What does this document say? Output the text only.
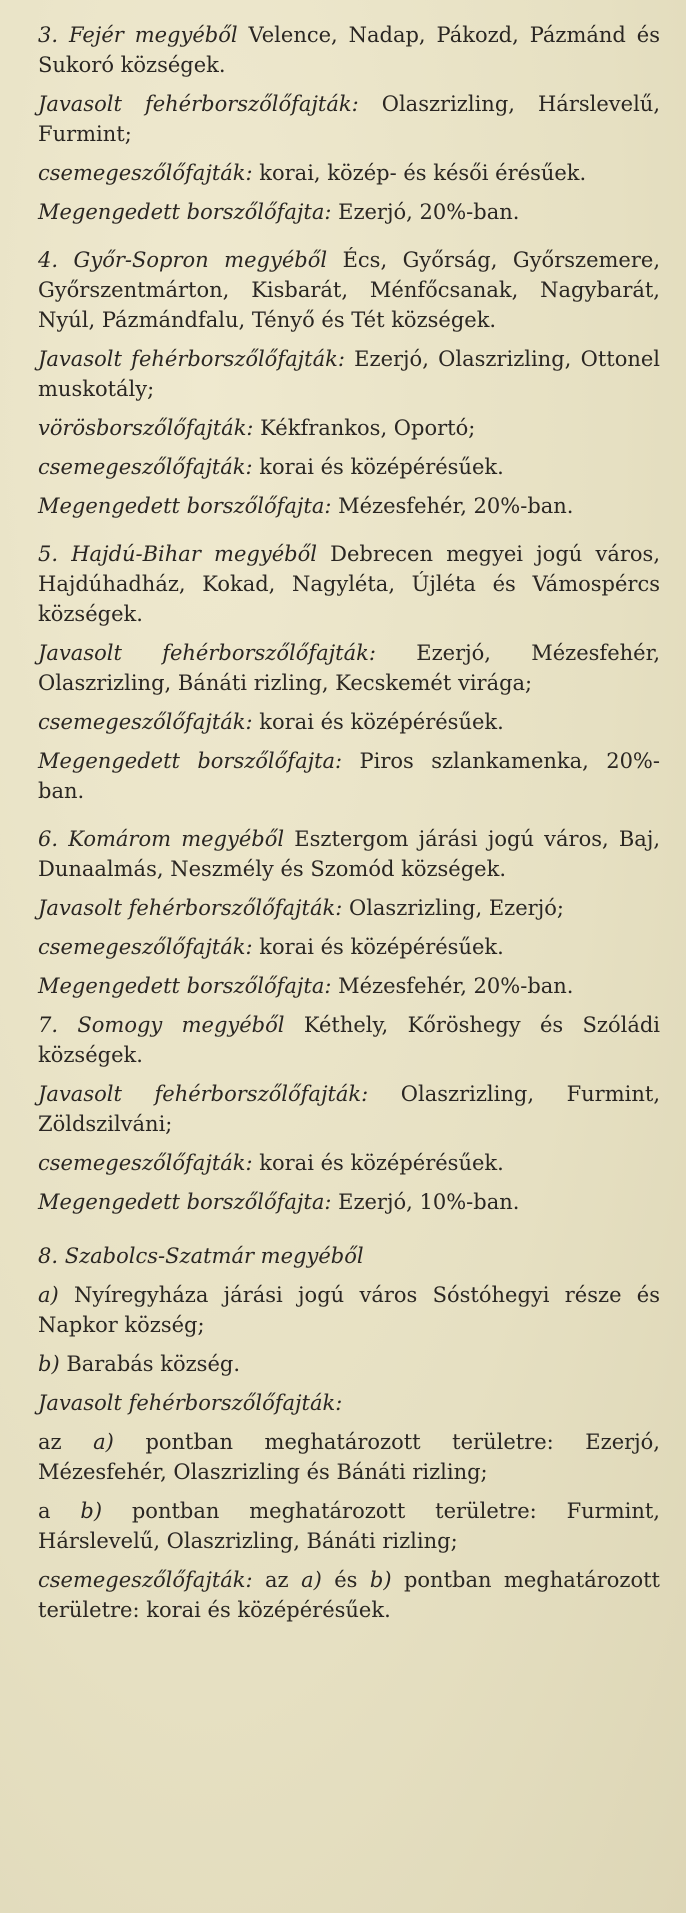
3. Fejér megyéből Velence, Nadap, Pákozd, Pázmánd és Sukoró községek.

Javasolt fehérborszőlőfajták: Olaszrizling, Hárslevelű, Furmint;

csemegeszőlőfajták: korai, közép- és késői érésűek.

Megengedett borszőlőfajta: Ezerjó, 20%-ban.

4. Győr-Sopron megyéből Écs, Győrság, Győrszemere, Győrszentmárton, Kisbarát, Ménfőcsanak, Nagybarát, Nyúl, Pázmándfalu, Tényő és Tét községek.

Javasolt fehérborszőlőfajták: Ezerjó, Olaszrizling, Ottonel muskotály;

vörösborszőlőfajták: Kékfrankos, Oportó;

csemegeszőlőfajták: korai és középérésűek.

Megengedett borszőlőfajta: Mézesfehér, 20%-ban.

5. Hajdú-Bihar megyéből Debrecen megyei jogú város, Hajdúhadház, Kokad, Nagyléta, Újléta és Vámospércs községek.

Javasolt fehérborszőlőfajták: Ezerjó, Mézesfehér, Olaszrizling, Bánáti rizling, Kecskemét virága;

csemegeszőlőfajták: korai és középérésűek.

Megengedett borszőlőfajta: Piros szlankamenka, 20%-ban.

6. Komárom megyéből Esztergom járási jogú város, Baj, Dunaalmás, Neszmély és Szomód községek.

Javasolt fehérborszőlőfajták: Olaszrizling, Ezerjó;

csemegeszőlőfajták: korai és középérésűek.

Megengedett borszőlőfajta: Mézesfehér, 20%-ban.

7. Somogy megyéből Kéthely, Kőröshegy és Szóládi községek.

Javasolt fehérborszőlőfajták: Olaszrizling, Furmint, Zöldszilváni;

csemegeszőlőfajták: korai és középérésűek.

Megengedett borszőlőfajta: Ezerjó, 10%-ban.

8. Szabolcs-Szatmár megyéből

a) Nyíregyháza járási jogú város Sóstóhegyi része és Napkor község;

b) Barabás község.

Javasolt fehérborszőlőfajták:

az a) pontban meghatározott területre: Ezerjó, Mézesfehér, Olaszrizling és Bánáti rizling;

a b) pontban meghatározott területre: Furmint, Hárslevelű, Olaszrizling, Bánáti rizling;

csemegeszőlőfajták: az a) és b) pontban meghatározott területre: korai és középérésűek.
